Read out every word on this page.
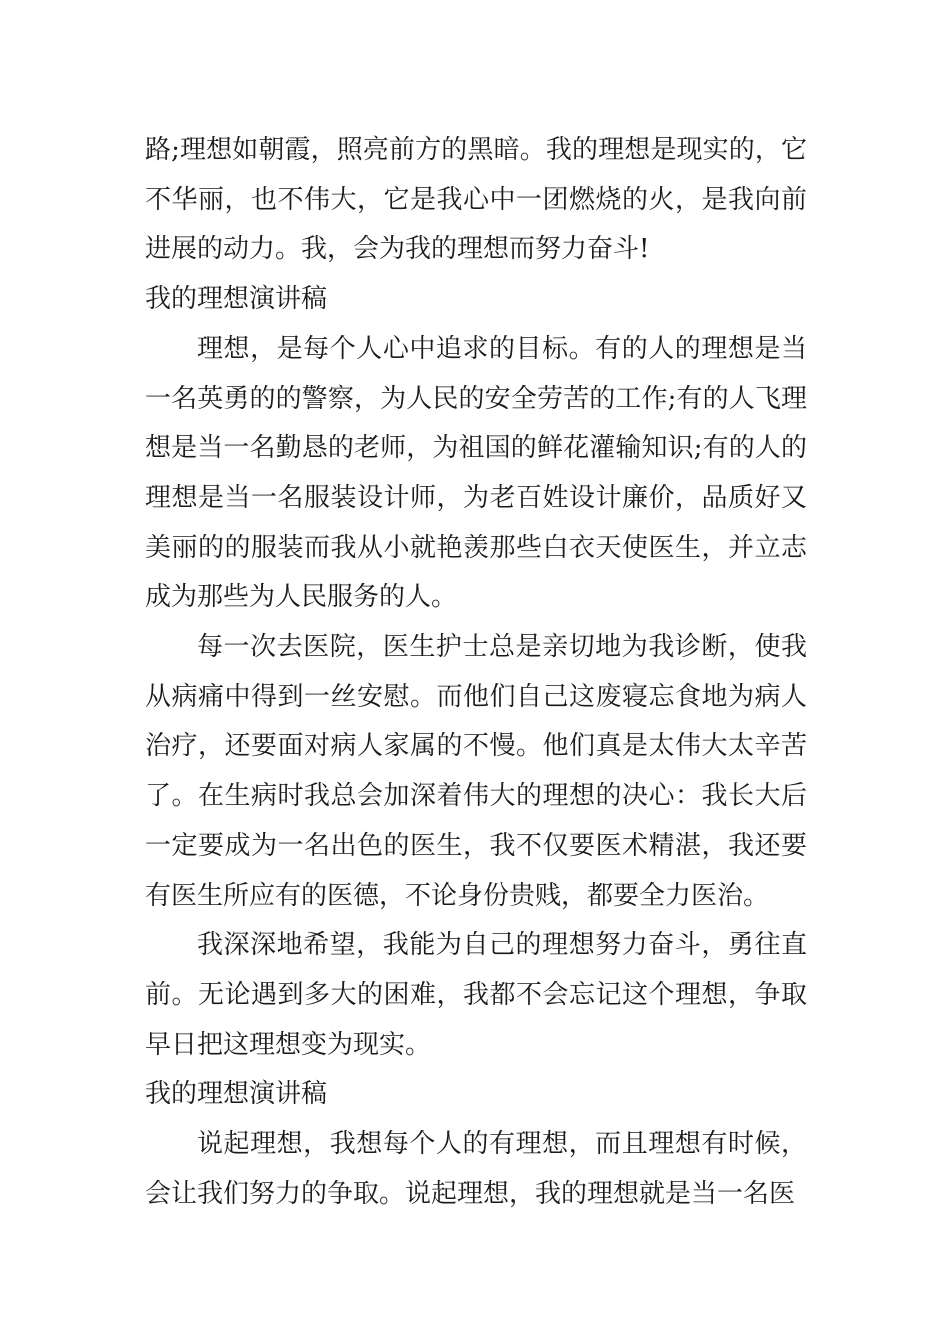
路;理想如朝霞，照亮前方的黑暗。我的理想是现实的，它不华丽，也不伟大，它是我心中一团燃烧的火，是我向前进展的动力。我，会为我的理想而努力奋斗!

我的理想演讲稿

理想，是每个人心中追求的目标。有的人的理想是当一名英勇的的警察，为人民的安全劳苦的工作;有的人飞理想是当一名勤恳的老师，为祖国的鲜花灌输知识;有的人的理想是当一名服装设计师，为老百姓设计廉价，品质好又美丽的的服装而我从小就艳羡那些白衣天使医生，并立志成为那些为人民服务的人。

每一次去医院，医生护士总是亲切地为我诊断，使我从病痛中得到一丝安慰。而他们自己这废寝忘食地为病人治疗，还要面对病人家属的不慢。他们真是太伟大太辛苦了。在生病时我总会加深着伟大的理想的决心：我长大后一定要成为一名出色的医生，我不仅要医术精湛，我还要有医生所应有的医德，不论身份贵贱，都要全力医治。

我深深地希望，我能为自己的理想努力奋斗，勇往直前。无论遇到多大的困难，我都不会忘记这个理想，争取早日把这理想变为现实。

我的理想演讲稿

说起理想，我想每个人的有理想，而且理想有时候，会让我们努力的争取。说起理想，我的理想就是当一名医
